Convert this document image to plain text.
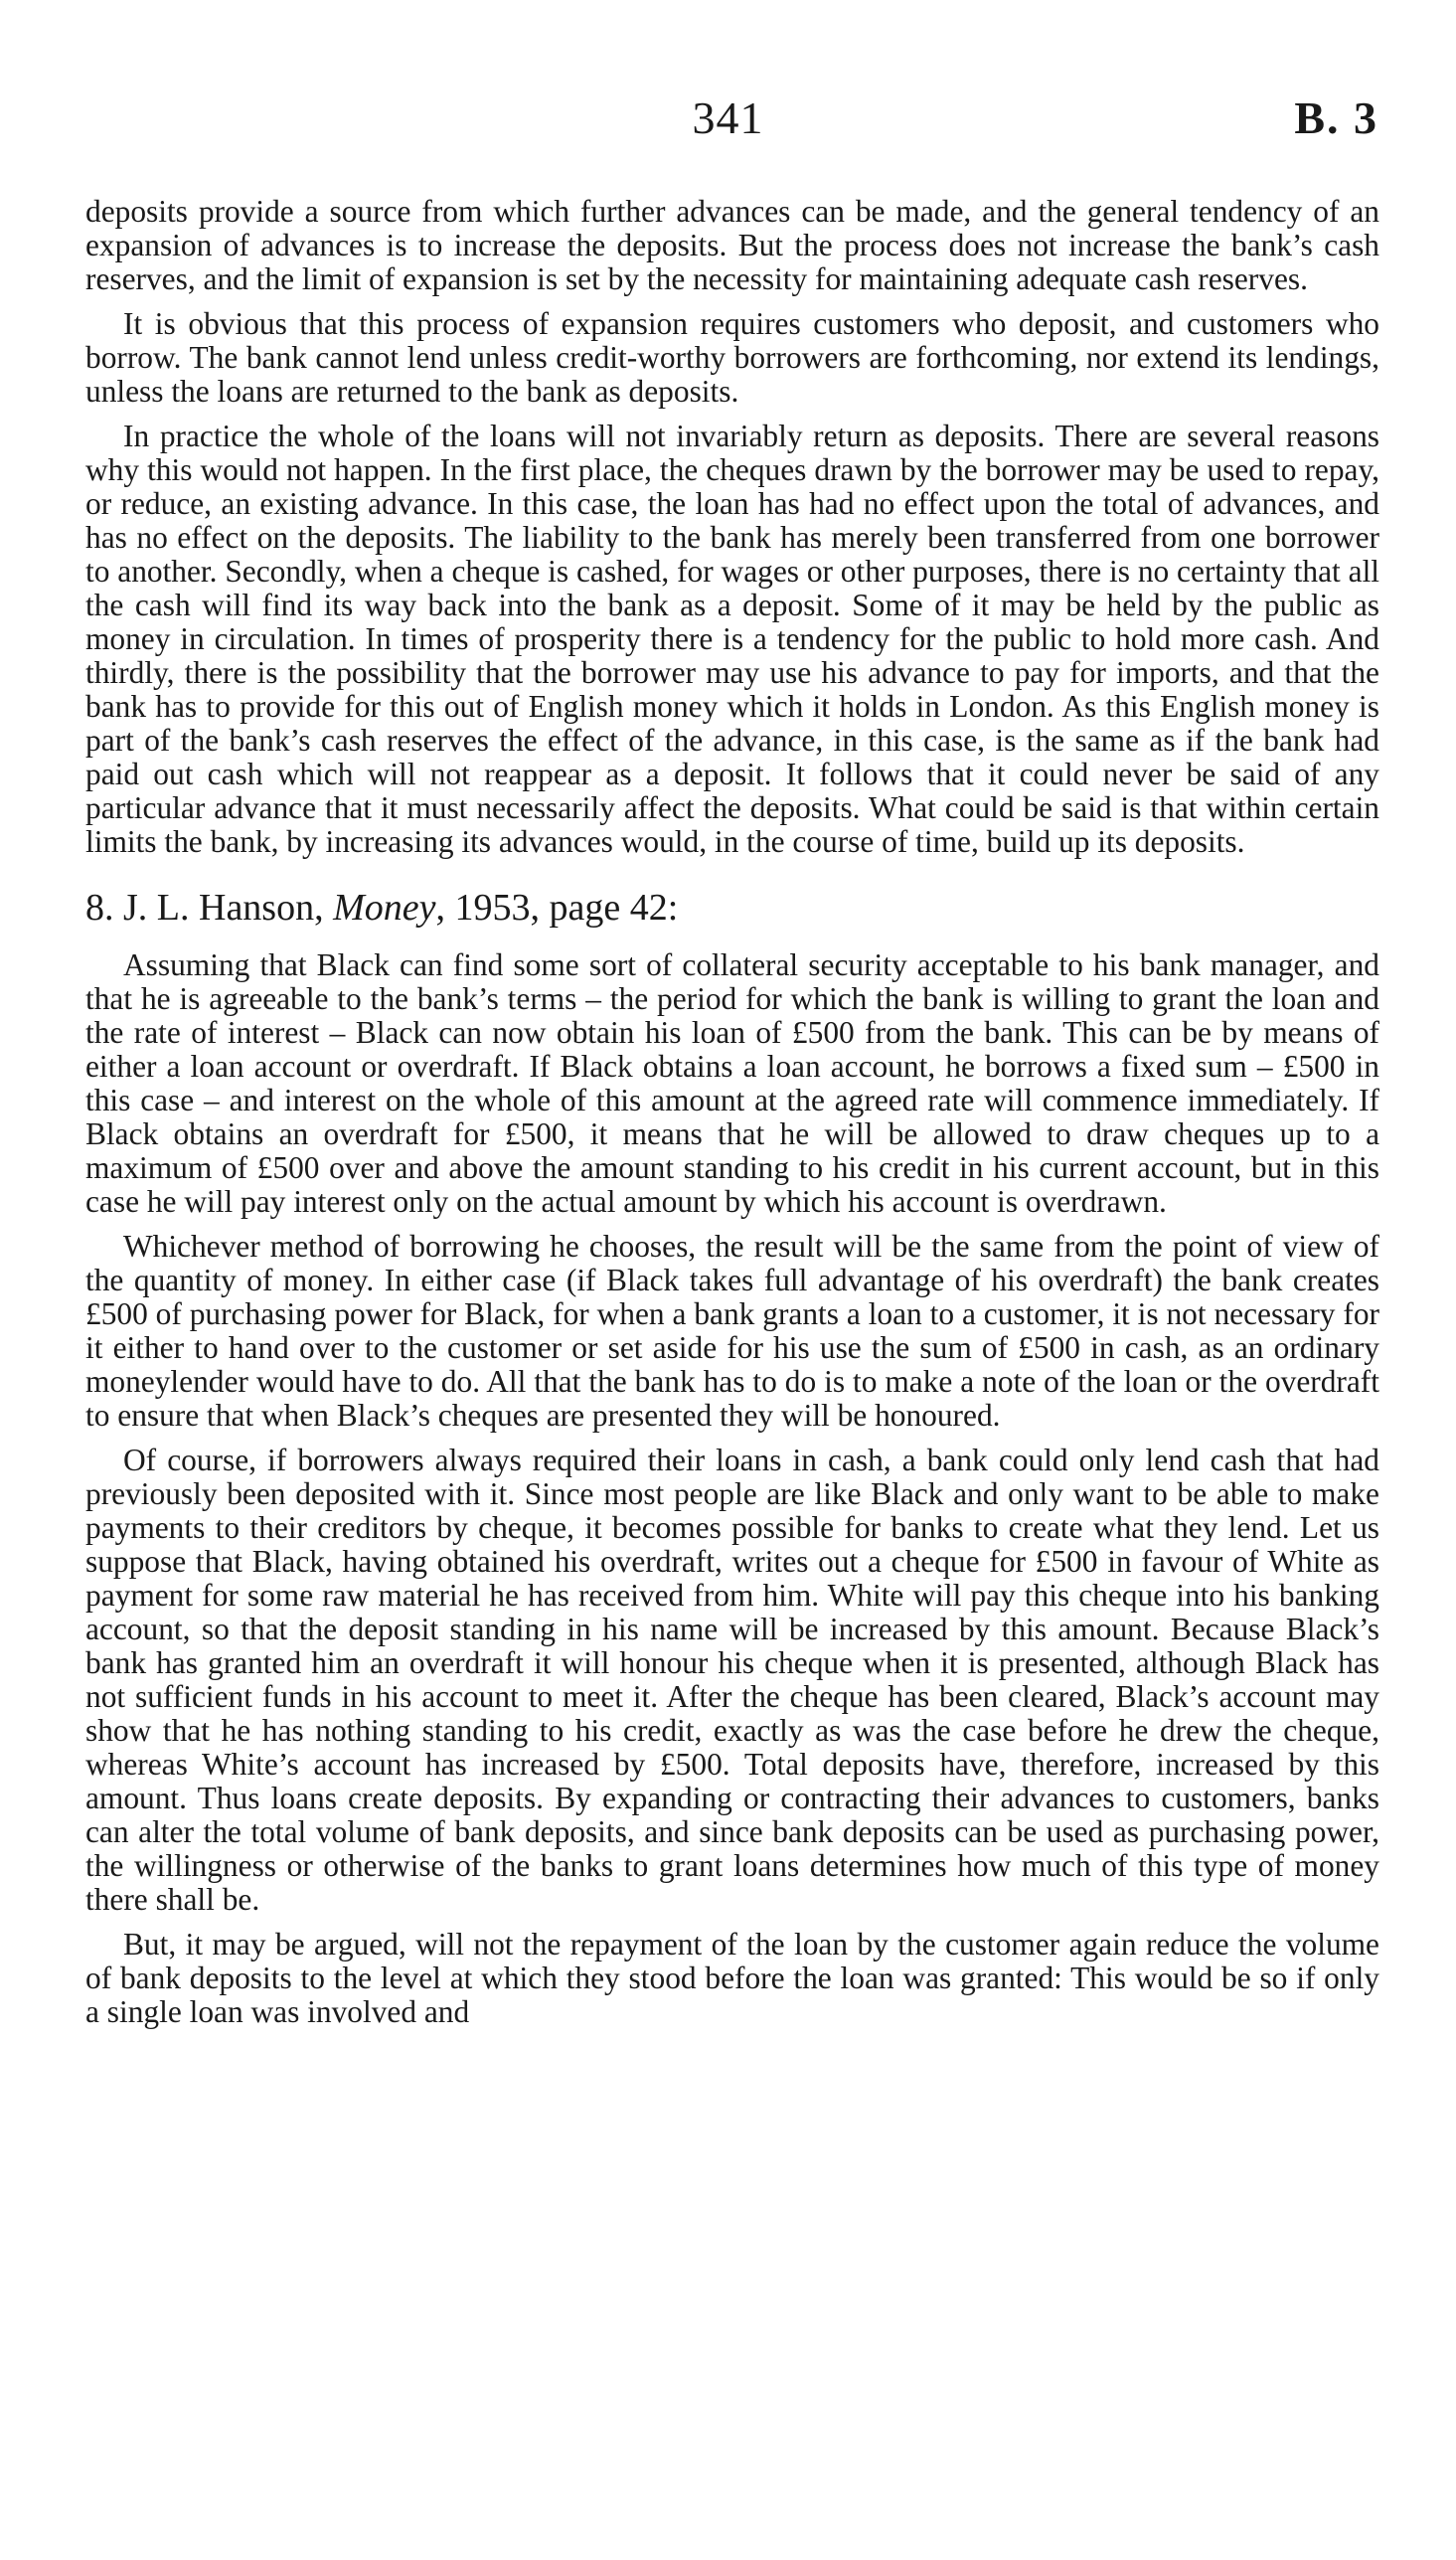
341	B. 3

deposits provide a source from which further advances can be made, and the general tendency of an expansion of advances is to increase the deposits. But the process does not increase the bank’s cash reserves, and the limit of expansion is set by the necessity for maintaining adequate cash reserves.

It is obvious that this process of expansion requires customers who deposit, and customers who borrow. The bank cannot lend unless credit-worthy borrowers are forthcoming, nor extend its lendings, unless the loans are returned to the bank as deposits.

In practice the whole of the loans will not invariably return as deposits. There are several reasons why this would not happen. In the first place, the cheques drawn by the borrower may be used to repay, or reduce, an existing advance. In this case, the loan has had no effect upon the total of advances, and has no effect on the deposits. The liability to the bank has merely been transferred from one borrower to another. Secondly, when a cheque is cashed, for wages or other purposes, there is no certainty that all the cash will find its way back into the bank as a deposit. Some of it may be held by the public as money in circulation. In times of prosperity there is a tendency for the public to hold more cash. And thirdly, there is the possibility that the borrower may use his advance to pay for imports, and that the bank has to provide for this out of English money which it holds in London. As this English money is part of the bank’s cash reserves the effect of the advance, in this case, is the same as if the bank had paid out cash which will not reappear as a deposit. It follows that it could never be said of any particular advance that it must necessarily affect the deposits. What could be said is that within certain limits the bank, by increasing its advances would, in the course of time, build up its deposits.

8. J. L. Hanson, Money, 1953, page 42:

Assuming that Black can find some sort of collateral security acceptable to his bank manager, and that he is agreeable to the bank’s terms – the period for which the bank is willing to grant the loan and the rate of interest – Black can now obtain his loan of £500 from the bank. This can be by means of either a loan account or overdraft. If Black obtains a loan account, he borrows a fixed sum – £500 in this case – and interest on the whole of this amount at the agreed rate will commence immediately. If Black obtains an overdraft for £500, it means that he will be allowed to draw cheques up to a maximum of £500 over and above the amount standing to his credit in his current account, but in this case he will pay interest only on the actual amount by which his account is overdrawn.

Whichever method of borrowing he chooses, the result will be the same from the point of view of the quantity of money. In either case (if Black takes full advantage of his overdraft) the bank creates £500 of purchasing power for Black, for when a bank grants a loan to a customer, it is not necessary for it either to hand over to the customer or set aside for his use the sum of £500 in cash, as an ordinary moneylender would have to do. All that the bank has to do is to make a note of the loan or the overdraft to ensure that when Black’s cheques are presented they will be honoured.

Of course, if borrowers always required their loans in cash, a bank could only lend cash that had previously been deposited with it. Since most people are like Black and only want to be able to make payments to their creditors by cheque, it becomes possible for banks to create what they lend. Let us suppose that Black, having obtained his overdraft, writes out a cheque for £500 in favour of White as payment for some raw material he has received from him. White will pay this cheque into his banking account, so that the deposit standing in his name will be increased by this amount. Because Black’s bank has granted him an overdraft it will honour his cheque when it is presented, although Black has not sufficient funds in his account to meet it. After the cheque has been cleared, Black’s account may show that he has nothing standing to his credit, exactly as was the case before he drew the cheque, whereas White’s account has increased by £500. Total deposits have, therefore, increased by this amount. Thus loans create deposits. By expanding or contracting their advances to customers, banks can alter the total volume of bank deposits, and since bank deposits can be used as purchasing power, the willingness or otherwise of the banks to grant loans determines how much of this type of money there shall be.

But, it may be argued, will not the repayment of the loan by the customer again reduce the volume of bank deposits to the level at which they stood before the loan was granted: This would be so if only a single loan was involved and
